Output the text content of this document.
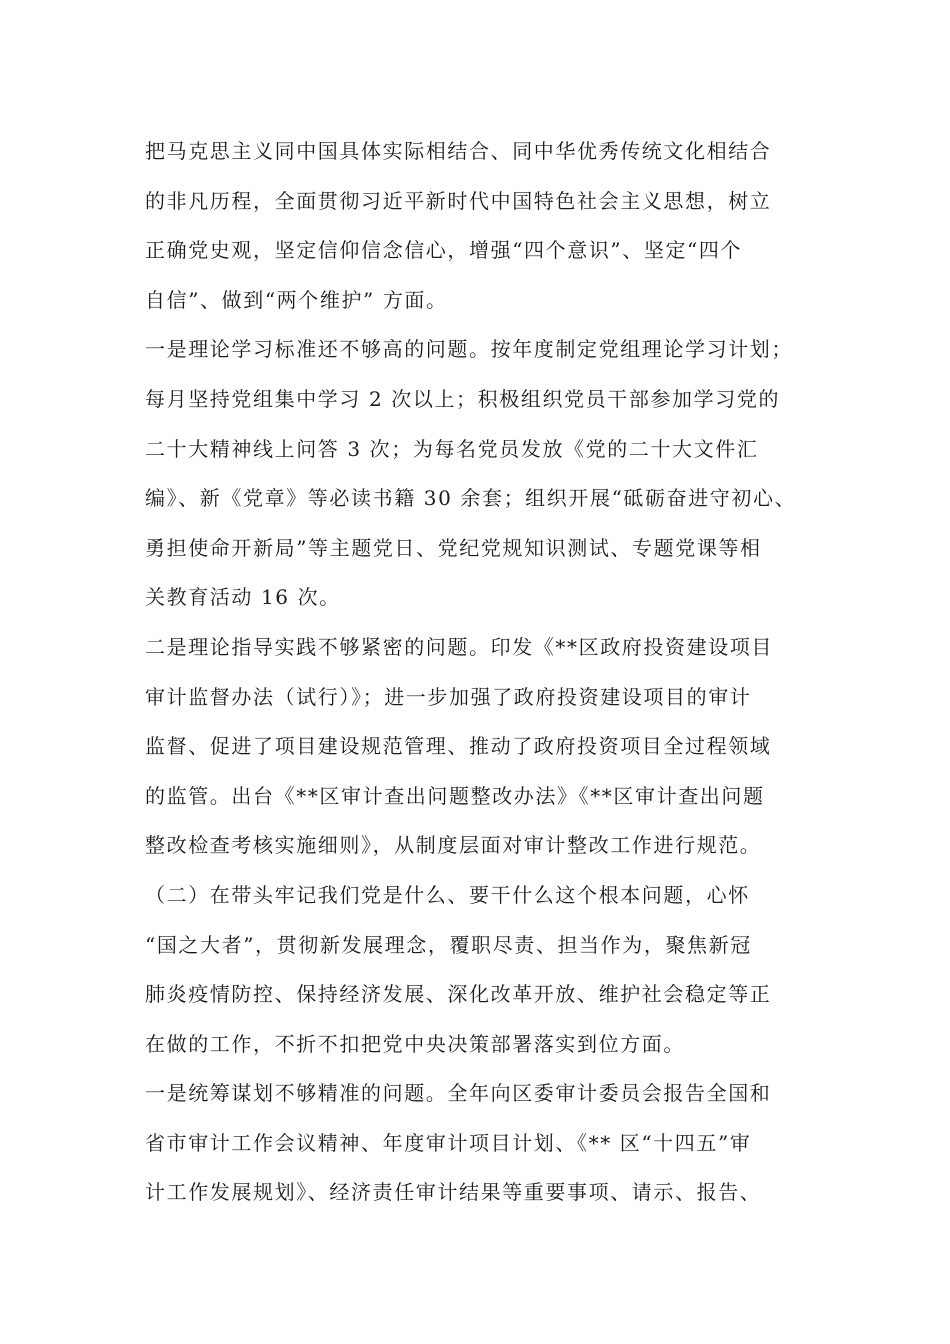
把马克思主义同中国具体实际相结合、同中华优秀传统文化相结合
的非凡历程，全面贯彻习近平新时代中国特色社会主义思想，树立
正确党史观，坚定信仰信念信心，增强“四个意识”、坚定“四个
自信”、做到“两个维护” 方面。
一是理论学习标准还不够高的问题。按年度制定党组理论学习计划；
每月坚持党组集中学习 2 次以上；积极组织党员干部参加学习党的
二十大精神线上问答 3 次；为每名党员发放《党的二十大文件汇
编》、新《党章》等必读书籍 30 余套；组织开展“砥砺奋进守初心、
勇担使命开新局”等主题党日、党纪党规知识测试、专题党课等相
关教育活动 16 次。
二是理论指导实践不够紧密的问题。印发《**区政府投资建设项目
审计监督办法（试行）》；进一步加强了政府投资建设项目的审计
监督、促进了项目建设规范管理、推动了政府投资项目全过程领域
的监管。出台《**区审计查出问题整改办法》《**区审计查出问题
整改检查考核实施细则》，从制度层面对审计整改工作进行规范。
（二）在带头牢记我们党是什么、要干什么这个根本问题，心怀
“国之大者”，贯彻新发展理念，覆职尽责、担当作为，聚焦新冠
肺炎疫情防控、保持经济发展、深化改革开放、维护社会稳定等正
在做的工作，不折不扣把党中央决策部署落实到位方面。
一是统筹谋划不够精准的问题。全年向区委审计委员会报告全国和
省市审计工作会议精神、年度审计项目计划、《** 区“十四五”审
计工作发展规划》、经济责任审计结果等重要事项、请示、报告、
